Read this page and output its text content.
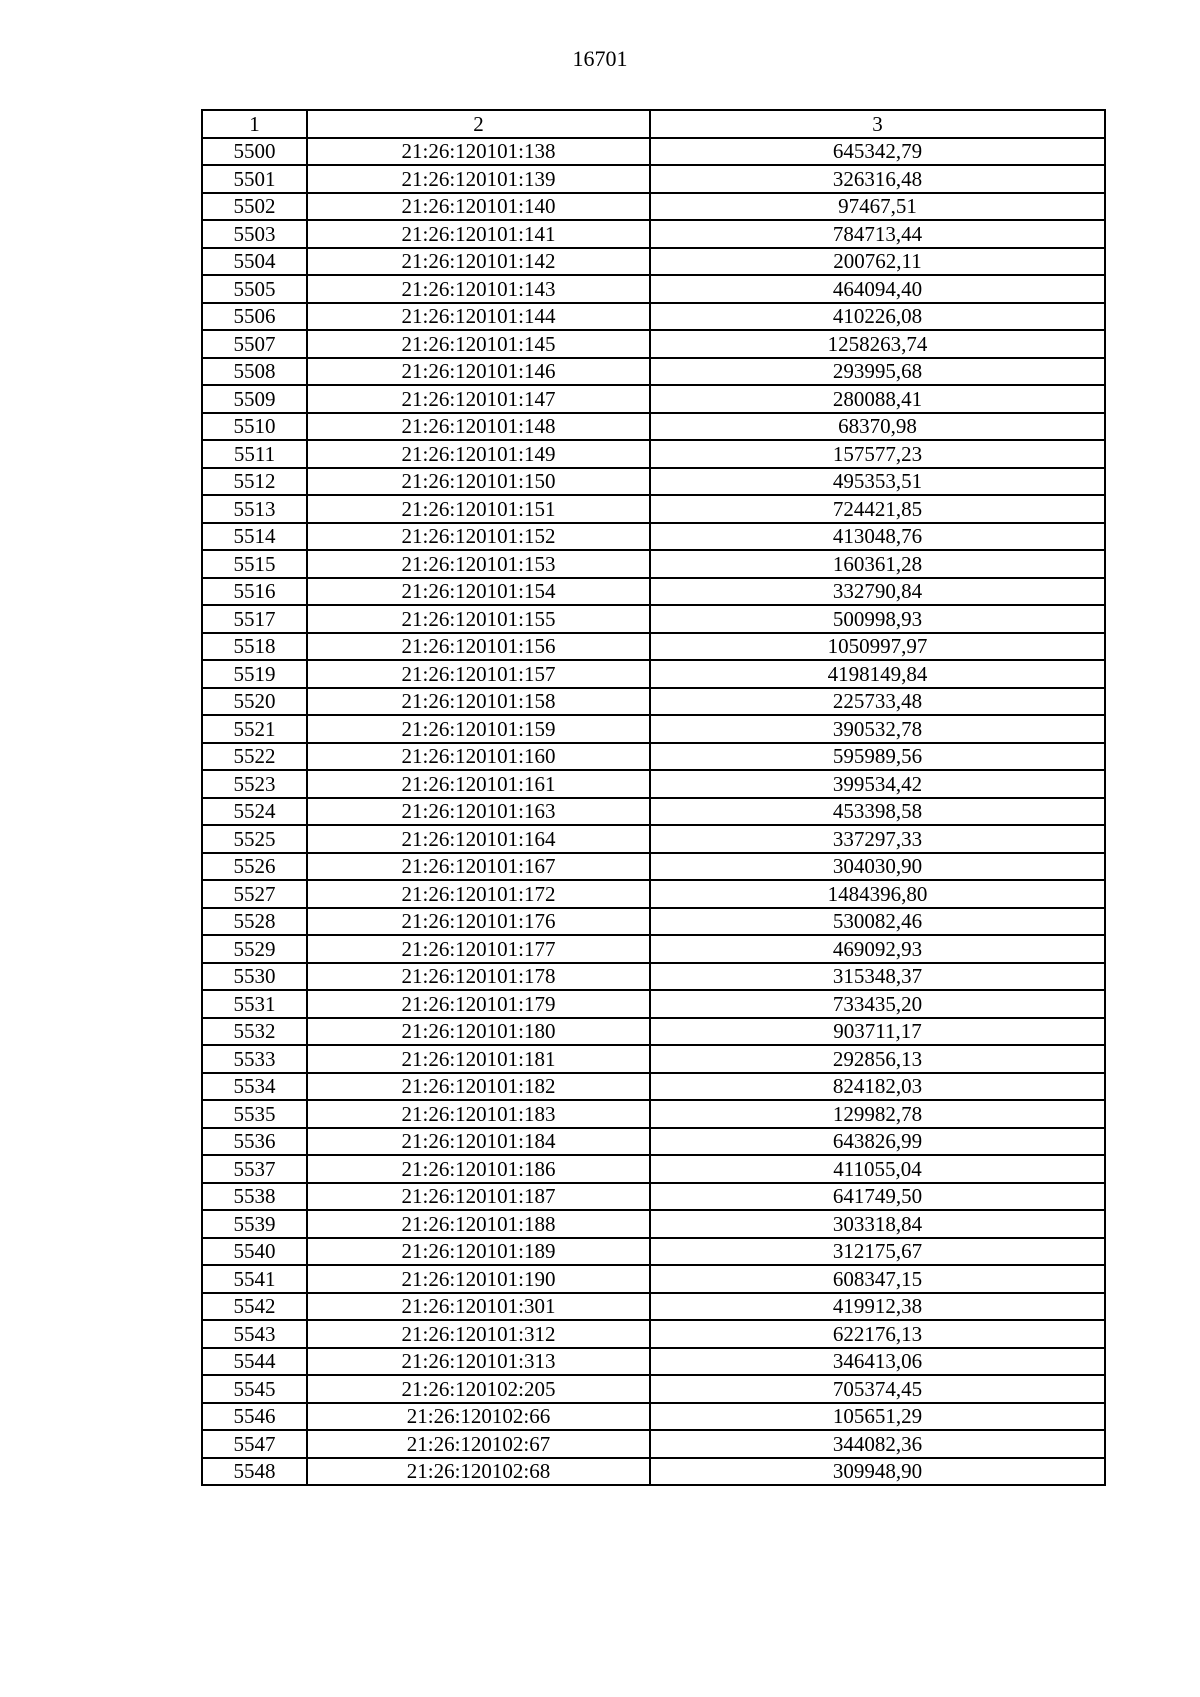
16701
1	2	3
5500	21:26:120101:138	645342,79
5501	21:26:120101:139	326316,48
5502	21:26:120101:140	97467,51
5503	21:26:120101:141	784713,44
5504	21:26:120101:142	200762,11
5505	21:26:120101:143	464094,40
5506	21:26:120101:144	410226,08
5507	21:26:120101:145	1258263,74
5508	21:26:120101:146	293995,68
5509	21:26:120101:147	280088,41
5510	21:26:120101:148	68370,98
5511	21:26:120101:149	157577,23
5512	21:26:120101:150	495353,51
5513	21:26:120101:151	724421,85
5514	21:26:120101:152	413048,76
5515	21:26:120101:153	160361,28
5516	21:26:120101:154	332790,84
5517	21:26:120101:155	500998,93
5518	21:26:120101:156	1050997,97
5519	21:26:120101:157	4198149,84
5520	21:26:120101:158	225733,48
5521	21:26:120101:159	390532,78
5522	21:26:120101:160	595989,56
5523	21:26:120101:161	399534,42
5524	21:26:120101:163	453398,58
5525	21:26:120101:164	337297,33
5526	21:26:120101:167	304030,90
5527	21:26:120101:172	1484396,80
5528	21:26:120101:176	530082,46
5529	21:26:120101:177	469092,93
5530	21:26:120101:178	315348,37
5531	21:26:120101:179	733435,20
5532	21:26:120101:180	903711,17
5533	21:26:120101:181	292856,13
5534	21:26:120101:182	824182,03
5535	21:26:120101:183	129982,78
5536	21:26:120101:184	643826,99
5537	21:26:120101:186	411055,04
5538	21:26:120101:187	641749,50
5539	21:26:120101:188	303318,84
5540	21:26:120101:189	312175,67
5541	21:26:120101:190	608347,15
5542	21:26:120101:301	419912,38
5543	21:26:120101:312	622176,13
5544	21:26:120101:313	346413,06
5545	21:26:120102:205	705374,45
5546	21:26:120102:66	105651,29
5547	21:26:120102:67	344082,36
5548	21:26:120102:68	309948,90
